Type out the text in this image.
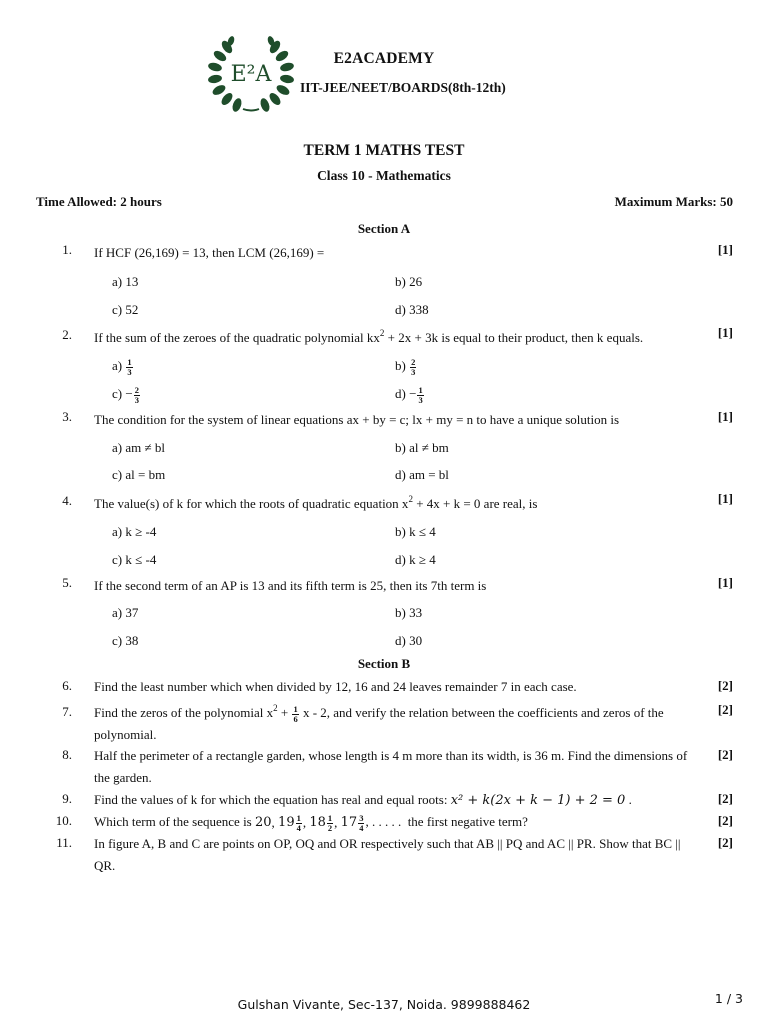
E²A
E2ACADEMY
IIT-JEE/NEET/BOARDS(8th-12th)
TERM 1 MATHS TEST
Class 10 - Mathematics
Time Allowed: 2 hours	Maximum Marks: 50
Section A
1. If HCF (26,169) = 13, then LCM (26,169) =	[1]
a) 13	b) 26
c) 52	d) 338
2. If the sum of the zeroes of the quadratic polynomial $kx^2 + 2x + 3k$ is equal to their product, then k equals.	[1]
$a) \frac{1}{3}$	$b) \frac{2}{3}$
$c) - \frac{2}{3}$	$d) - \frac{1}{3}$
3. The condition for the system of linear equations ax + by = c; lx + my = n to have a unique solution is	[1]
a) am ≠ bl	b) al ≠ bm
c) al = bm	d) am = bl
4. The value(s) of k for which the roots of quadratic equation $x^2 + 4x + k = 0$ are real, is	[1]
a) k ≥ -4	b) k ≤ 4
c) k ≤ -4	d) k ≥ 4
5. If the second term of an AP is 13 and its fifth term is 25, then its 7th term is	[1]
a) 37	b) 33
c) 38	d) 30
Section B
6. Find the least number which when divided by 12, 16 and 24 leaves remainder 7 in each case.	[2]
7. Find the zeros of the polynomial $x^2 + \frac{1}{6}$ x - 2, and verify the relation between the coefficients and zeros of the polynomial.
[2]
8. Half the perimeter of a rectangle garden, whose length is 4 m more than its width, is 36 m. Find the dimensions of the garden.
[2]
9. Find the values of k for which the equation has real and equal roots: x² + k(2x + k − 1) + 2 = 0 .	[2]
10. Which term of the sequence is 20 , $19 \frac{1}{4}$ , $18 \frac{1}{2}$ , $17 \frac{3}{4}$ , . . . . .  the first negative term?	[2]
11. In figure A, B and C are points on OP, OQ and OR respectively such that AB || PQ and AC || PR. Show that BC || QR.
[2]
Gulshan Vivante, Sec-137, Noida. 9899888462	1 / 3
